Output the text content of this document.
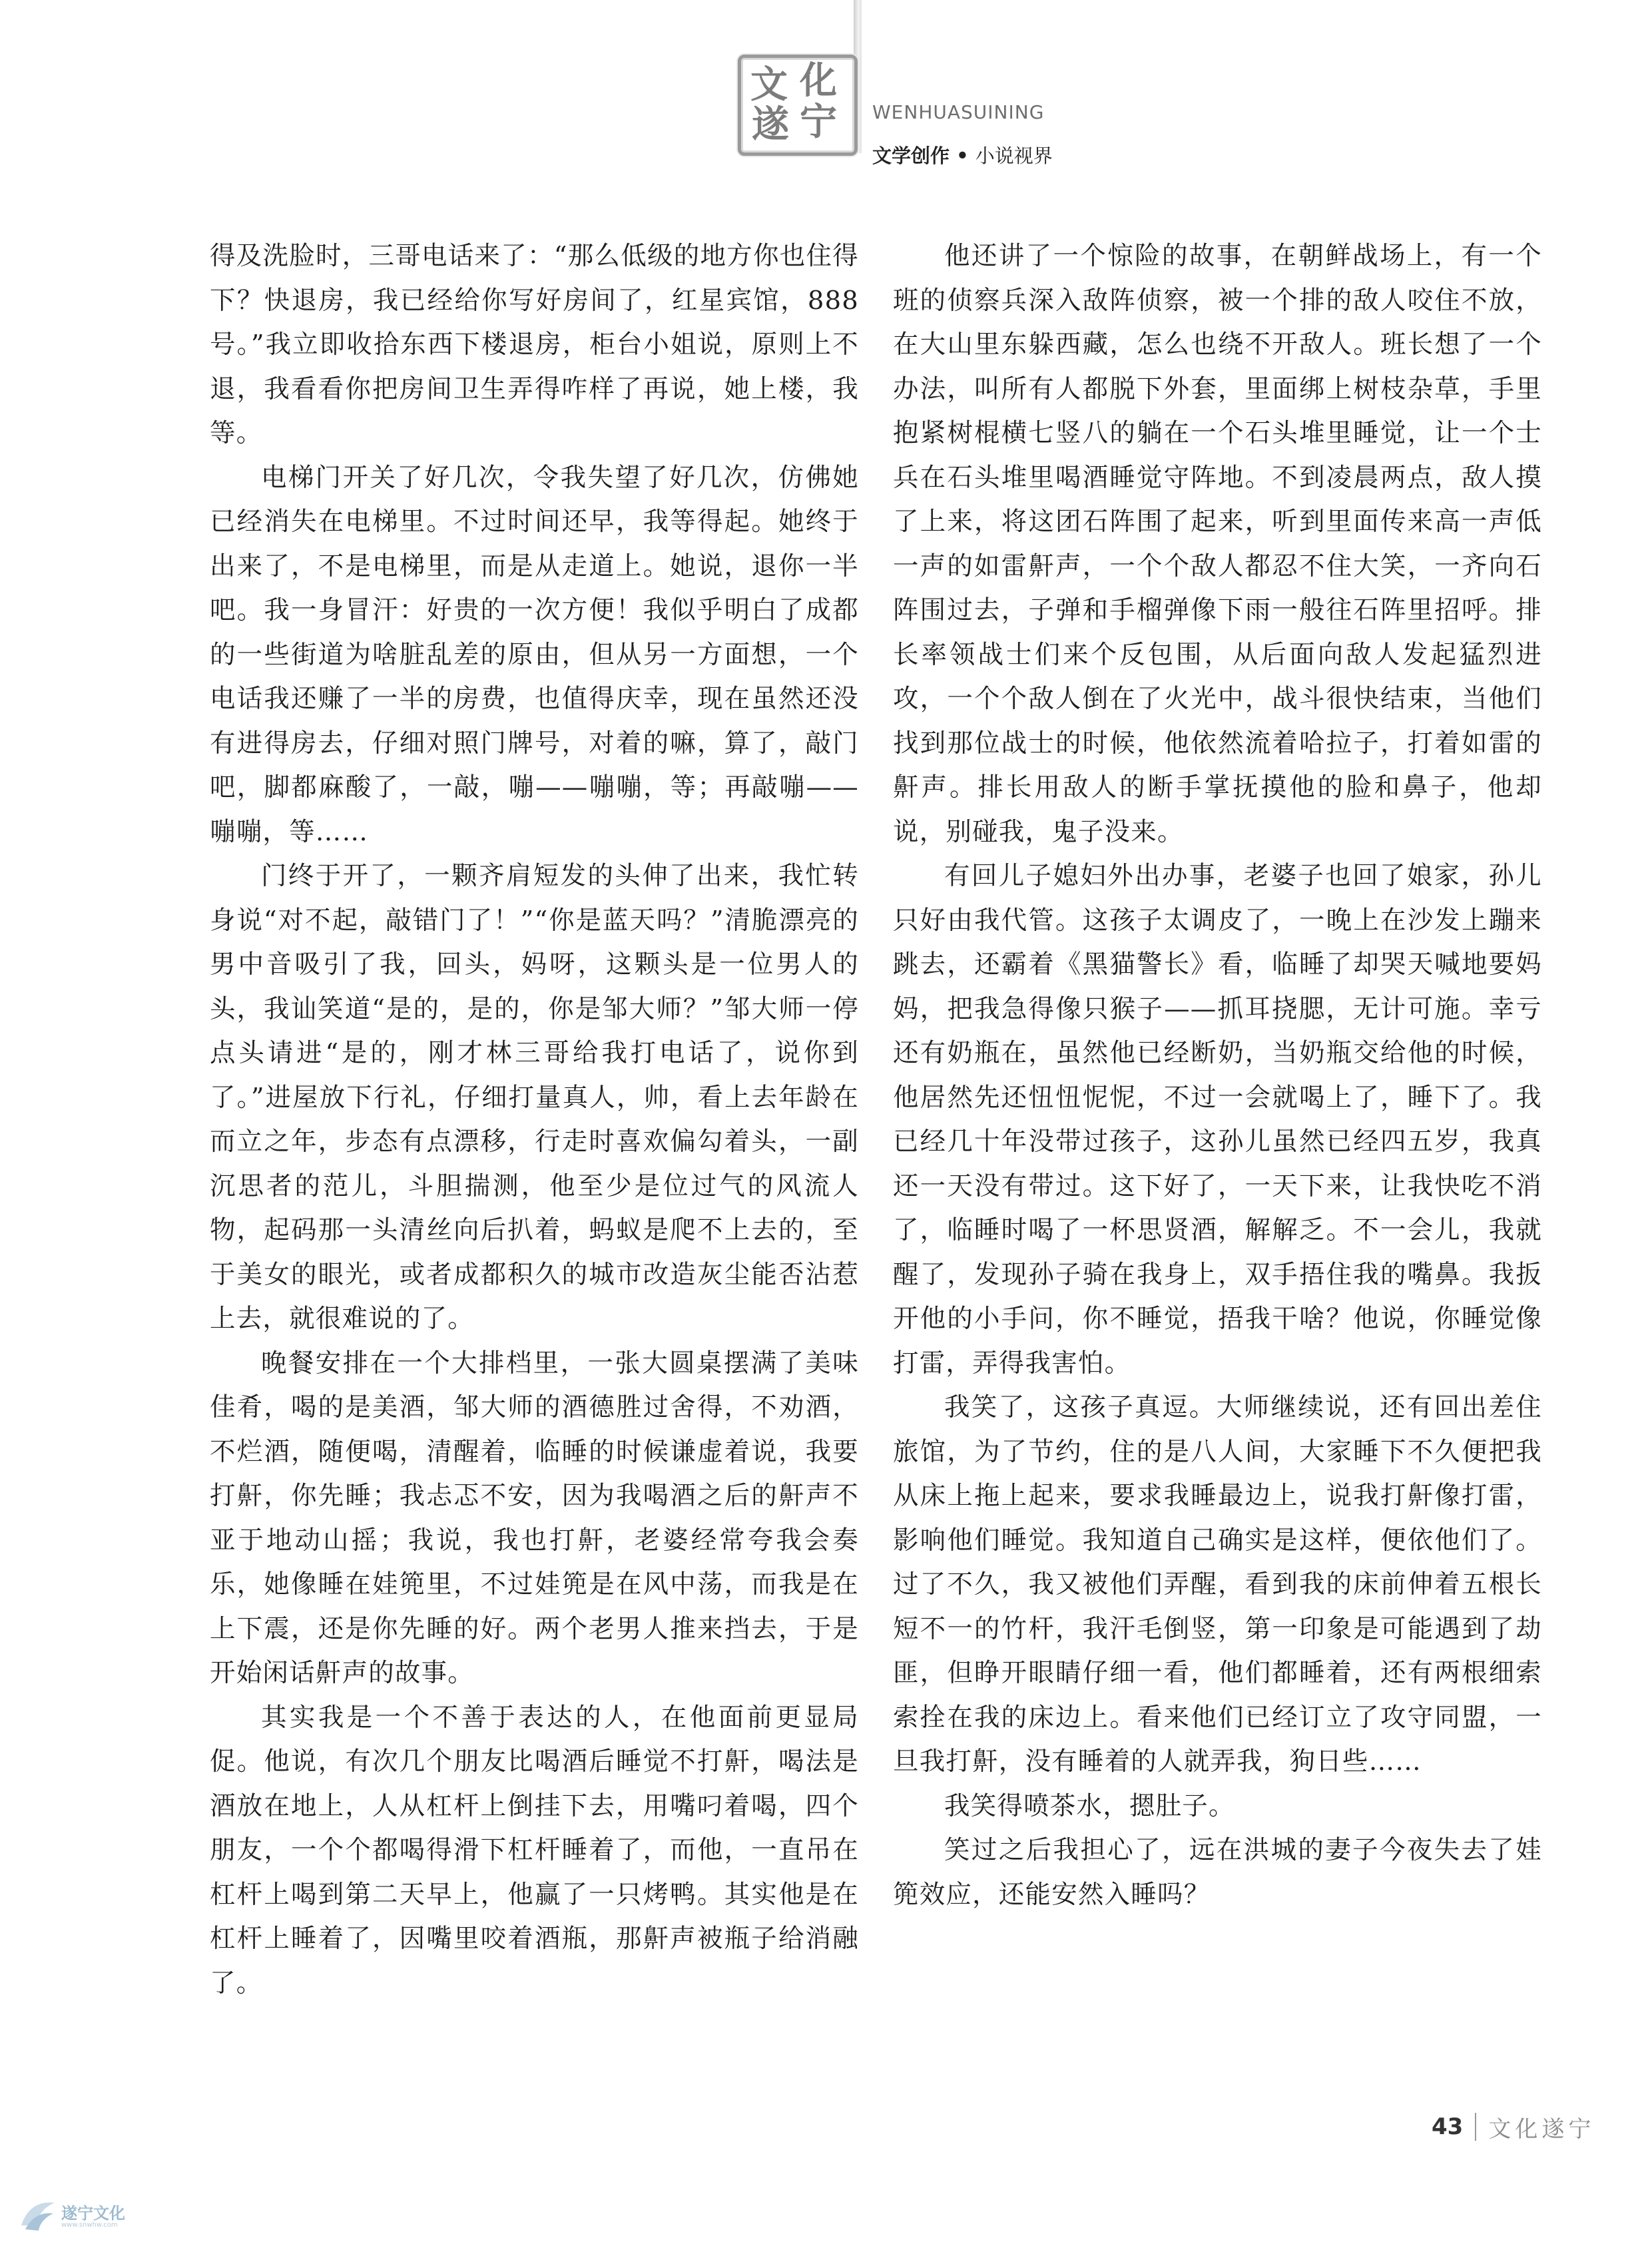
文 化
遂 宁 WENHUASUINING
文学创作 • 小说视界

得及洗脸时，三哥电话来了：“那么低级的地方你也住得下？快退房，我已经给你写好房间了，红星宾馆，888号。”我立即收拾东西下楼退房，柜台小姐说，原则上不退，我看看你把房间卫生弄得咋样了再说，她上楼，我等。

电梯门开关了好几次，令我失望了好几次，仿佛她已经消失在电梯里。不过时间还早，我等得起。她终于出来了，不是电梯里，而是从走道上。她说，退你一半吧。我一身冒汗：好贵的一次方便！我似乎明白了成都的一些街道为啥脏乱差的原由，但从另一方面想，一个电话我还赚了一半的房费，也值得庆幸，现在虽然还没有进得房去，仔细对照门牌号，对着的嘛，算了，敲门吧，脚都麻酸了，一敲，嘣——嘣嘣，等；再敲嘣——嘣嘣，等……

门终于开了，一颗齐肩短发的头伸了出来，我忙转身说“对不起，敲错门了！”“你是蓝天吗？”清脆漂亮的男中音吸引了我，回头，妈呀，这颗头是一位男人的头，我讪笑道“是的，是的，你是邹大师？”邹大师一停点头请进“是的，刚才林三哥给我打电话了，说你到了。”进屋放下行礼，仔细打量真人，帅，看上去年龄在而立之年，步态有点漂移，行走时喜欢偏勾着头，一副沉思者的范儿，斗胆揣测，他至少是位过气的风流人物，起码那一头清丝向后扒着，蚂蚁是爬不上去的，至于美女的眼光，或者成都积久的城市改造灰尘能否沾惹上去，就很难说的了。

晚餐安排在一个大排档里，一张大圆桌摆满了美味佳肴，喝的是美酒，邹大师的酒德胜过舍得，不劝酒，不烂酒，随便喝，清醒着，临睡的时候谦虚着说，我要打鼾，你先睡；我忐忑不安，因为我喝酒之后的鼾声不亚于地动山摇；我说，我也打鼾，老婆经常夸我会奏乐，她像睡在娃篼里，不过娃篼是在风中荡，而我是在上下震，还是你先睡的好。两个老男人推来挡去，于是开始闲话鼾声的故事。

其实我是一个不善于表达的人，在他面前更显局促。他说，有次几个朋友比喝酒后睡觉不打鼾，喝法是酒放在地上，人从杠杆上倒挂下去，用嘴叼着喝，四个朋友，一个个都喝得滑下杠杆睡着了，而他，一直吊在杠杆上喝到第二天早上，他赢了一只烤鸭。其实他是在杠杆上睡着了，因嘴里咬着酒瓶，那鼾声被瓶子给消融了。

他还讲了一个惊险的故事，在朝鲜战场上，有一个班的侦察兵深入敌阵侦察，被一个排的敌人咬住不放，在大山里东躲西藏，怎么也绕不开敌人。班长想了一个办法，叫所有人都脱下外套，里面绑上树枝杂草，手里抱紧树棍横七竖八的躺在一个石头堆里睡觉，让一个士兵在石头堆里喝酒睡觉守阵地。不到凌晨两点，敌人摸了上来，将这团石阵围了起来，听到里面传来高一声低一声的如雷鼾声，一个个敌人都忍不住大笑，一齐向石阵围过去，子弹和手榴弹像下雨一般往石阵里招呼。排长率领战士们来个反包围，从后面向敌人发起猛烈进攻，一个个敌人倒在了火光中，战斗很快结束，当他们找到那位战士的时候，他依然流着哈拉子，打着如雷的鼾声。排长用敌人的断手掌抚摸他的脸和鼻子，他却说，别碰我，鬼子没来。

有回儿子媳妇外出办事，老婆子也回了娘家，孙儿只好由我代管。这孩子太调皮了，一晚上在沙发上蹦来跳去，还霸着《黑猫警长》看，临睡了却哭天喊地要妈妈，把我急得像只猴子——抓耳挠腮，无计可施。幸亏还有奶瓶在，虽然他已经断奶，当奶瓶交给他的时候，他居然先还忸忸怩怩，不过一会就喝上了，睡下了。我已经几十年没带过孩子，这孙儿虽然已经四五岁，我真还一天没有带过。这下好了，一天下来，让我快吃不消了，临睡时喝了一杯思贤酒，解解乏。不一会儿，我就醒了，发现孙子骑在我身上，双手捂住我的嘴鼻。我扳开他的小手问，你不睡觉，捂我干啥？他说，你睡觉像打雷，弄得我害怕。

我笑了，这孩子真逗。大师继续说，还有回出差住旅馆，为了节约，住的是八人间，大家睡下不久便把我从床上拖上起来，要求我睡最边上，说我打鼾像打雷，影响他们睡觉。我知道自己确实是这样，便依他们了。过了不久，我又被他们弄醒，看到我的床前伸着五根长短不一的竹杆，我汗毛倒竖，第一印象是可能遇到了劫匪，但睁开眼睛仔细一看，他们都睡着，还有两根细索索拴在我的床边上。看来他们已经订立了攻守同盟，一旦我打鼾，没有睡着的人就弄我，狗日些……

我笑得喷茶水，摁肚子。

笑过之后我担心了，远在洪城的妻子今夜失去了娃篼效应，还能安然入睡吗？

43 文化遂宁
遂宁文化
www.snwhw.com
